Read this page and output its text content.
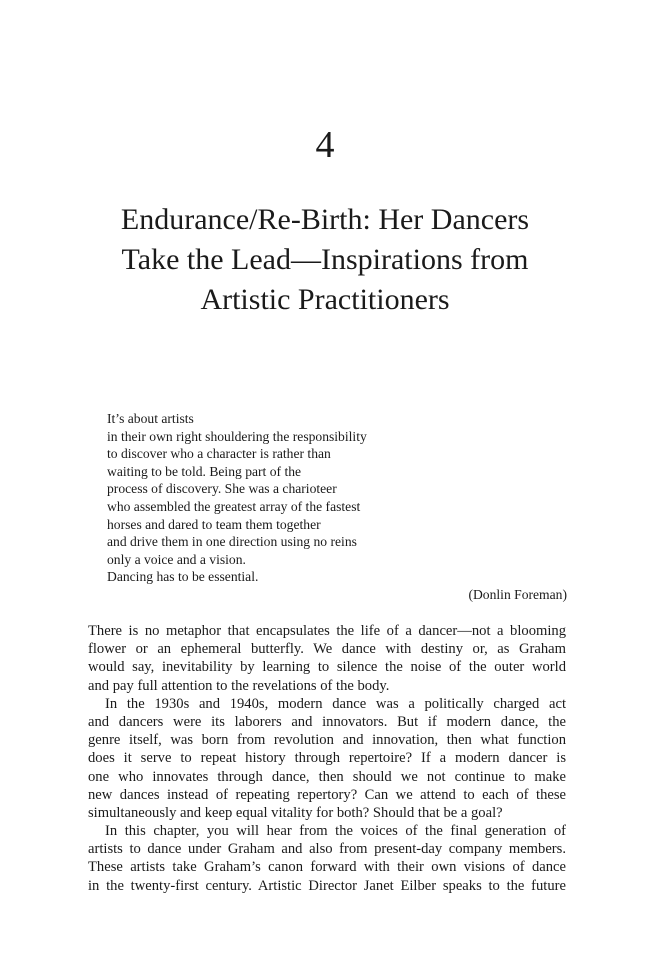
4
Endurance/Re-Birth: Her Dancers
Take the Lead—Inspirations from
Artistic Practitioners
It’s about artists
in their own right shouldering the responsibility
to discover who a character is rather than
waiting to be told. Being part of the
process of discovery. She was a charioteer
who assembled the greatest array of the fastest
horses and dared to team them together
and drive them in one direction using no reins
only a voice and a vision.
Dancing has to be essential.
(Donlin Foreman)
There is no metaphor that encapsulates the life of a dancer—not a blooming
flower or an ephemeral butterfly. We dance with destiny or, as Graham
would say, inevitability by learning to silence the noise of the outer world
and pay full attention to the revelations of the body.
In the 1930s and 1940s, modern dance was a politically charged act
and dancers were its laborers and innovators. But if modern dance, the
genre itself, was born from revolution and innovation, then what function
does it serve to repeat history through repertoire? If a modern dancer is
one who innovates through dance, then should we not continue to make
new dances instead of repeating repertory? Can we attend to each of these
simultaneously and keep equal vitality for both? Should that be a goal?
In this chapter, you will hear from the voices of the final generation of
artists to dance under Graham and also from present-day company members.
These artists take Graham’s canon forward with their own visions of dance
in the twenty-first century. Artistic Director Janet Eilber speaks to the future
